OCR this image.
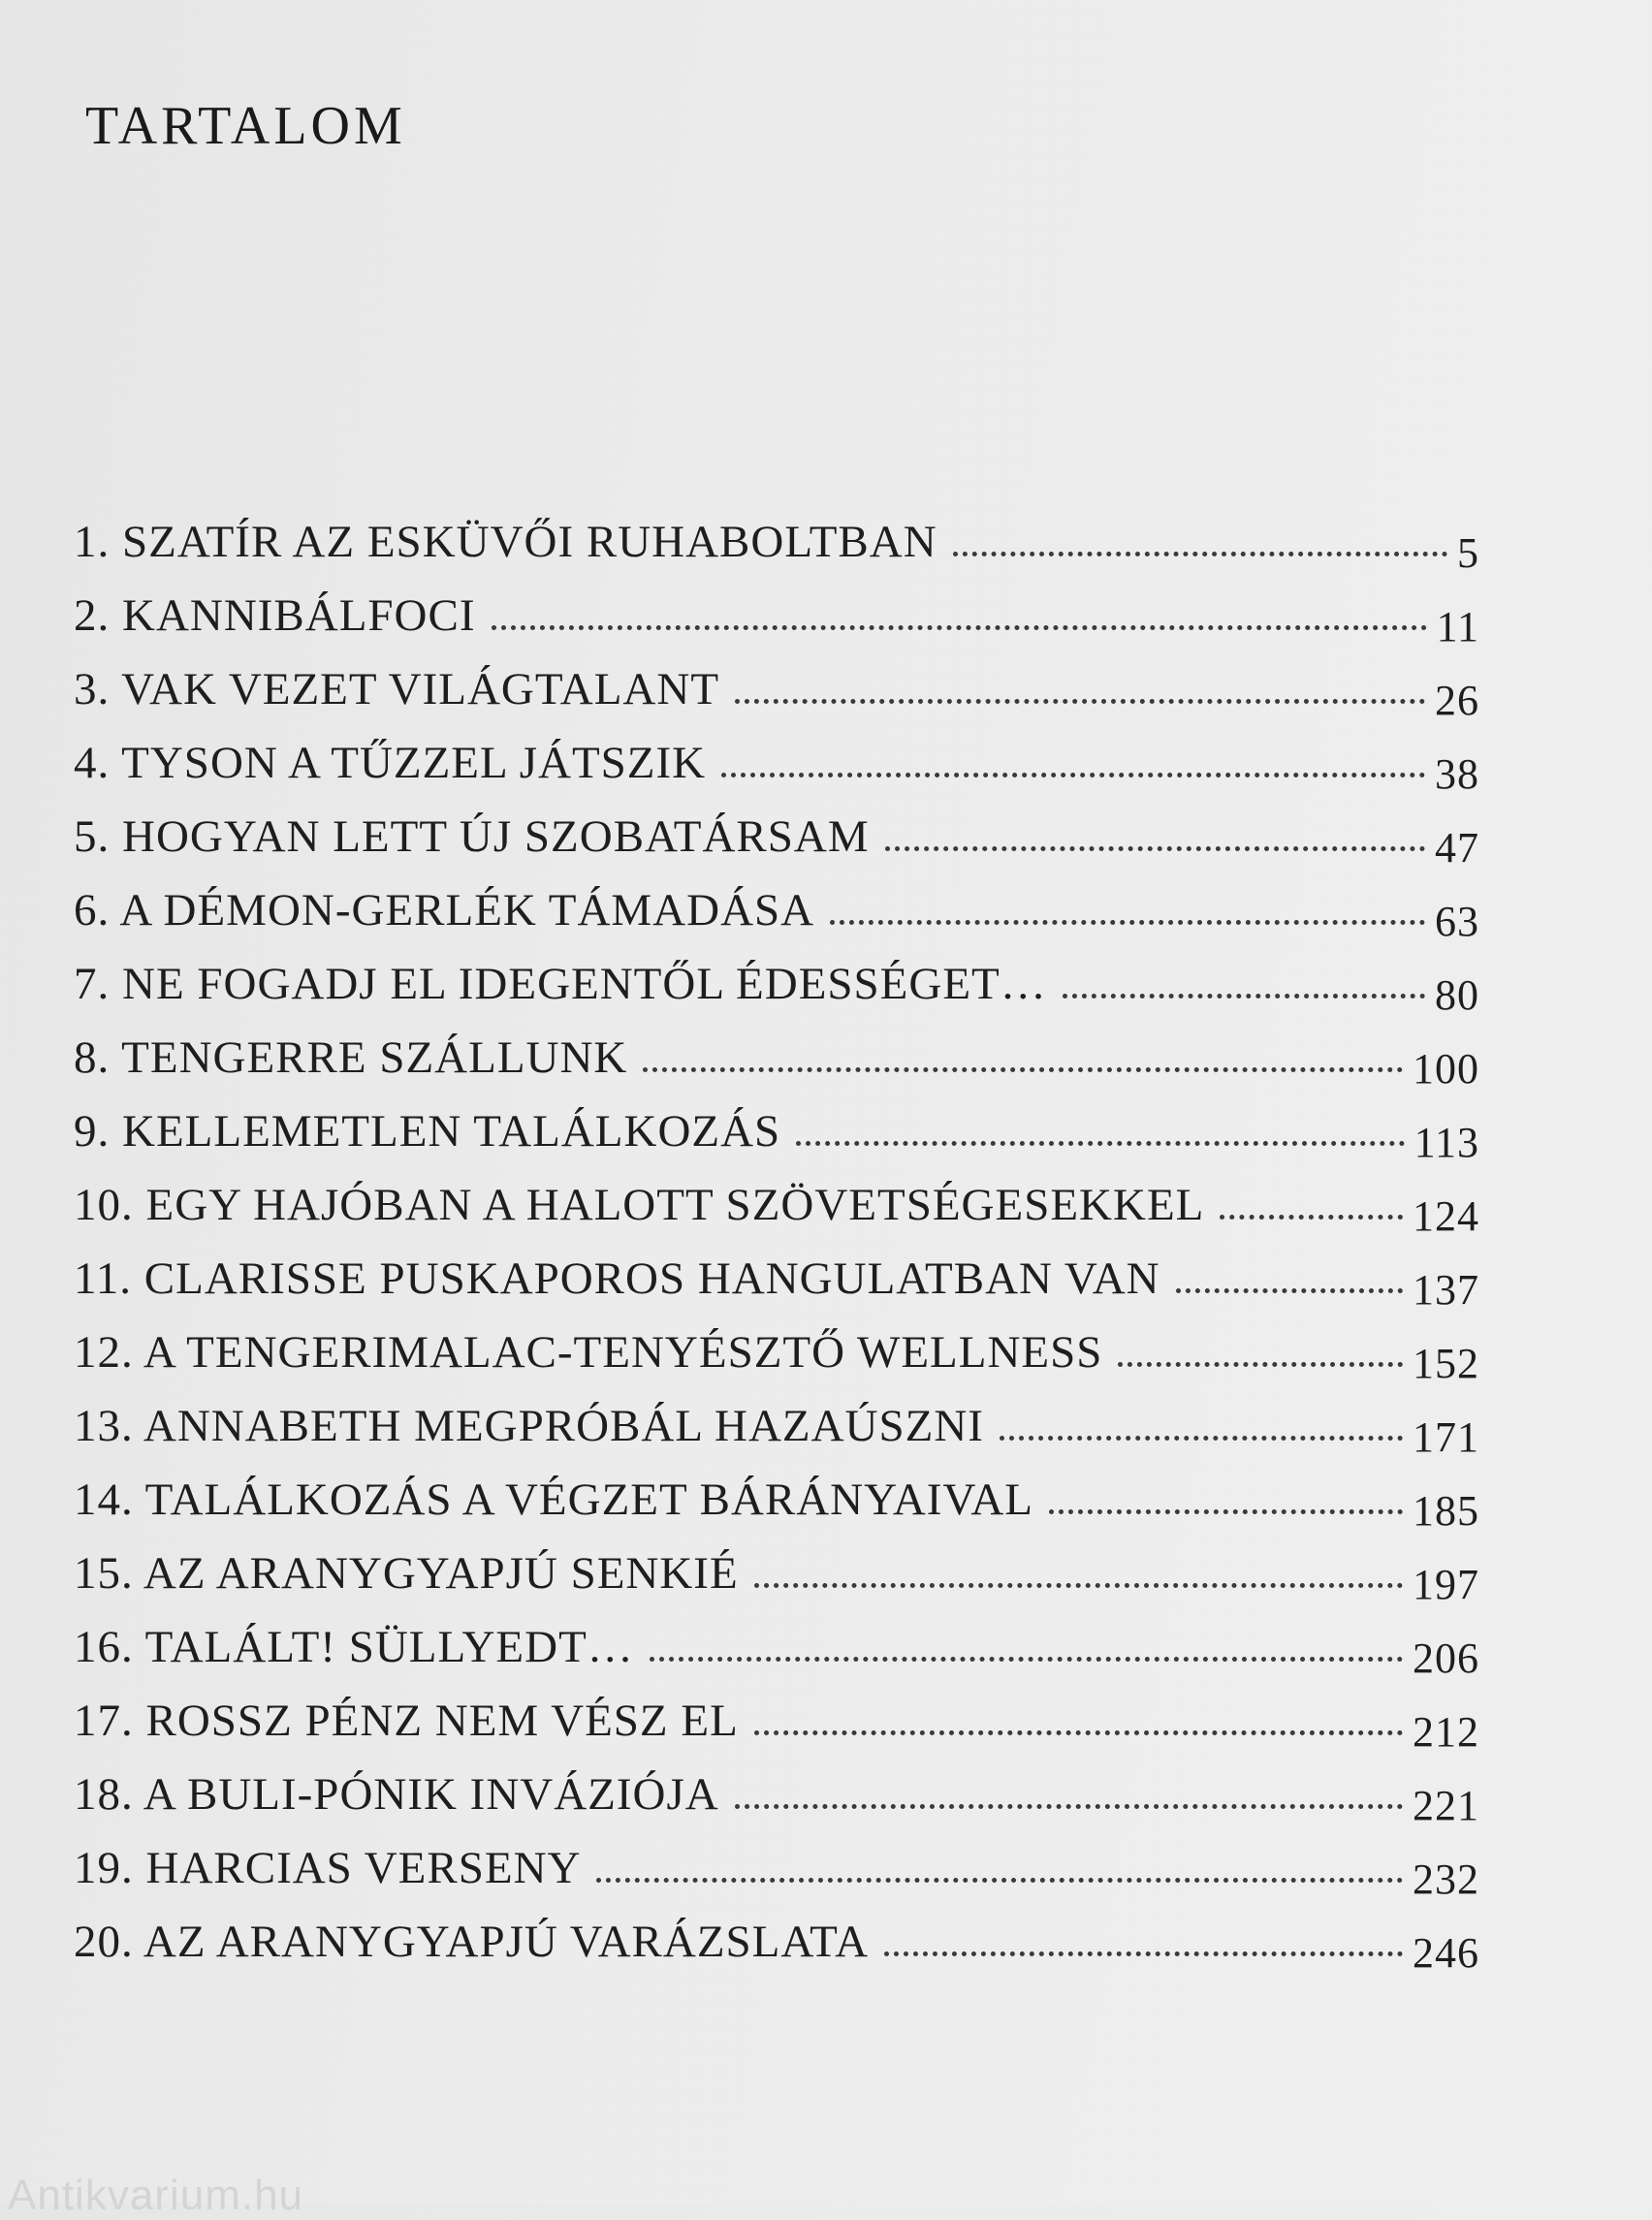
TARTALOM
1. SZATÍR AZ ESKÜVŐI RUHABOLTBAN	5
2. KANNIBÁLFOCI	11
3. VAK VEZET VILÁGTALANT	26
4. TYSON A TŰZZEL JÁTSZIK	38
5. HOGYAN LETT ÚJ SZOBATÁRSAM	47
6. A DÉMON-GERLÉK TÁMADÁSA	63
7. NE FOGADJ EL IDEGENTŐL ÉDESSÉGET…	80
8. TENGERRE SZÁLLUNK	100
9. KELLEMETLEN TALÁLKOZÁS	113
10. EGY HAJÓBAN A HALOTT SZÖVETSÉGESEKKEL	124
11. CLARISSE PUSKAPOROS HANGULATBAN VAN	137
12. A TENGERIMALAC-TENYÉSZTŐ WELLNESS	152
13. ANNABETH MEGPRÓBÁL HAZAÚSZNI	171
14. TALÁLKOZÁS A VÉGZET BÁRÁNYAIVAL	185
15. AZ ARANYGYAPJÚ SENKIÉ	197
16. TALÁLT! SÜLLYEDT…	206
17. ROSSZ PÉNZ NEM VÉSZ EL	212
18. A BULI-PÓNIK INVÁZIÓJA	221
19. HARCIAS VERSENY	232
20. AZ ARANYGYAPJÚ VARÁZSLATA	246
Antikvarium.hu
